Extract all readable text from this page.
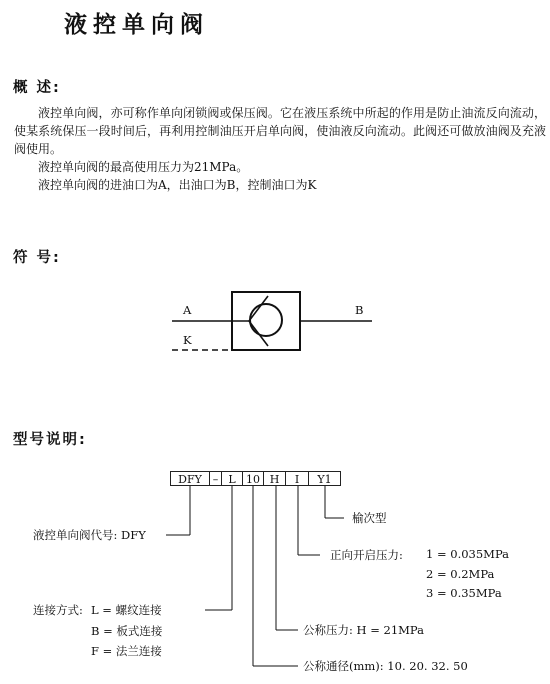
液控单向阀
概 述:

液控单向阀，亦可称作单向闭锁阀或保压阀。它在液压系统中所起的作用是防止油流反向流动，使某系统保压一段时间后，再利用控制油压开启单向阀，使油液反向流动。此阀还可做放油阀及充液阀使用。

液控单向阀的最高使用压力为21MPa。

液控单向阀的进油口为A，出油口为B，控制油口为K

符 号:
A	B
K
型号说明:
DFY – L 10 H	I	Y1
液控单向阀代号: DFY
榆次型
正向开启压力: 1 = 0.035MPa
2 = 0.2MPa
3 = 0.35MPa
连接方式: L = 螺纹连接
B = 板式连接
F = 法兰连接
公称压力: H = 21MPa
公称通径(mm): 10. 20. 32. 50
